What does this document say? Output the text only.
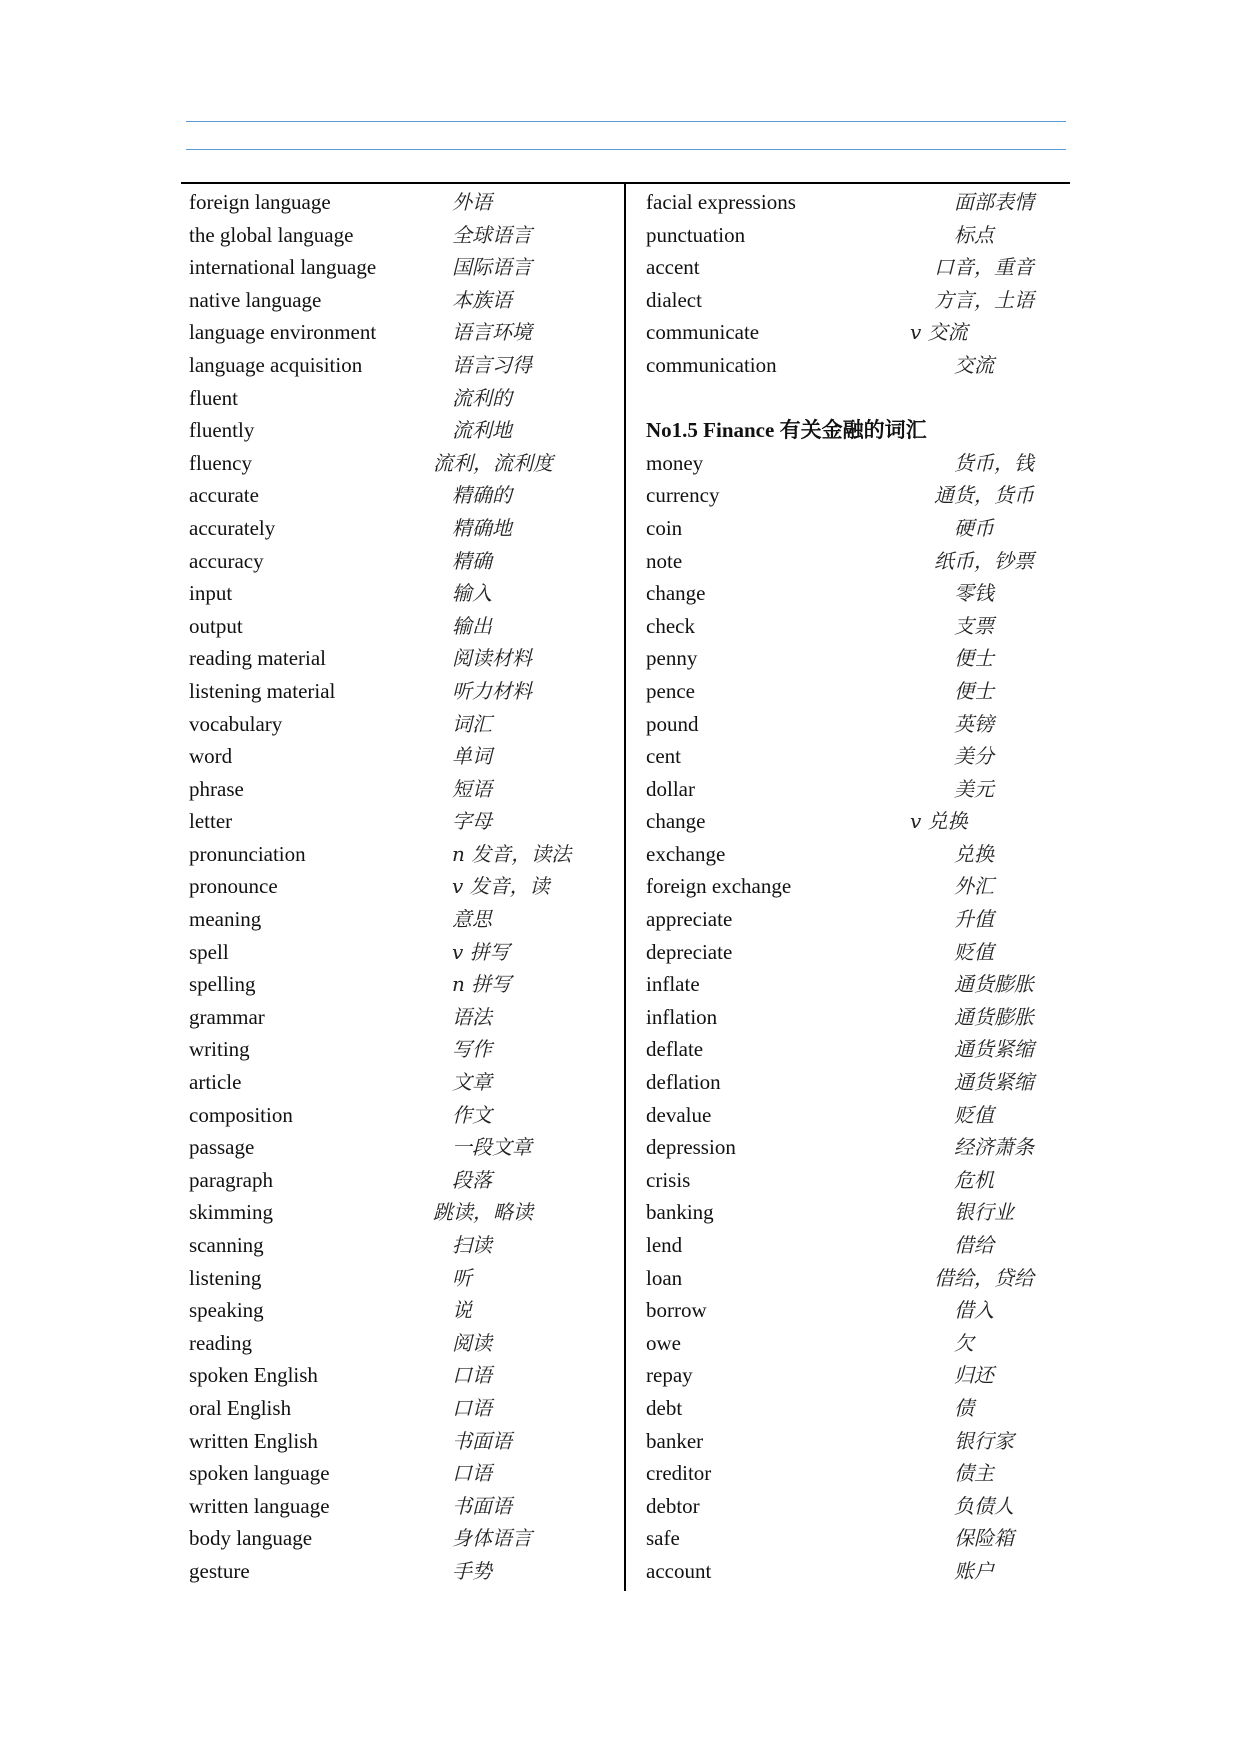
foreign language	外语
the global language	全球语言
international language	国际语言
native language	本族语
language environment	语言环境
language acquisition	语言习得
fluent	流利的
fluently	流利地
fluency	流利，流利度
accurate	精确的
accurately	精确地
accuracy	精确
input	输入
output	输出
reading material	阅读材料
listening material	听力材料
vocabulary	词汇
word	单词
phrase	短语
letter	字母
pronunciation	n 发音，读法
pronounce	v 发音，读
meaning	意思
spell	v 拼写
spelling	n 拼写
grammar	语法
writing	写作
article	文章
composition	作文
passage	一段文章
paragraph	段落
skimming	跳读，略读
scanning	扫读
listening	听
speaking	说
reading	阅读
spoken English	口语
oral English	口语
written English	书面语
spoken language	口语
written language	书面语
body language	身体语言
gesture	手势
facial expressions	面部表情
punctuation	标点
accent	口音，重音
dialect	方言，土语
communicate	v 交流
communication	交流
No1.5 Finance 有关金融的词汇
money	货币，钱
currency	通货，货币
coin	硬币
note	纸币，钞票
change	零钱
check	支票
penny	便士
pence	便士
pound	英镑
cent	美分
dollar	美元
change	v 兑换
exchange	兑换
foreign exchange	外汇
appreciate	升值
depreciate	贬值
inflate	通货膨胀
inflation	通货膨胀
deflate	通货紧缩
deflation	通货紧缩
devalue	贬值
depression	经济萧条
crisis	危机
banking	银行业
lend	借给
loan	借给，贷给
borrow	借入
owe	欠
repay	归还
debt	债
banker	银行家
creditor	债主
debtor	负债人
safe	保险箱
account	账户
